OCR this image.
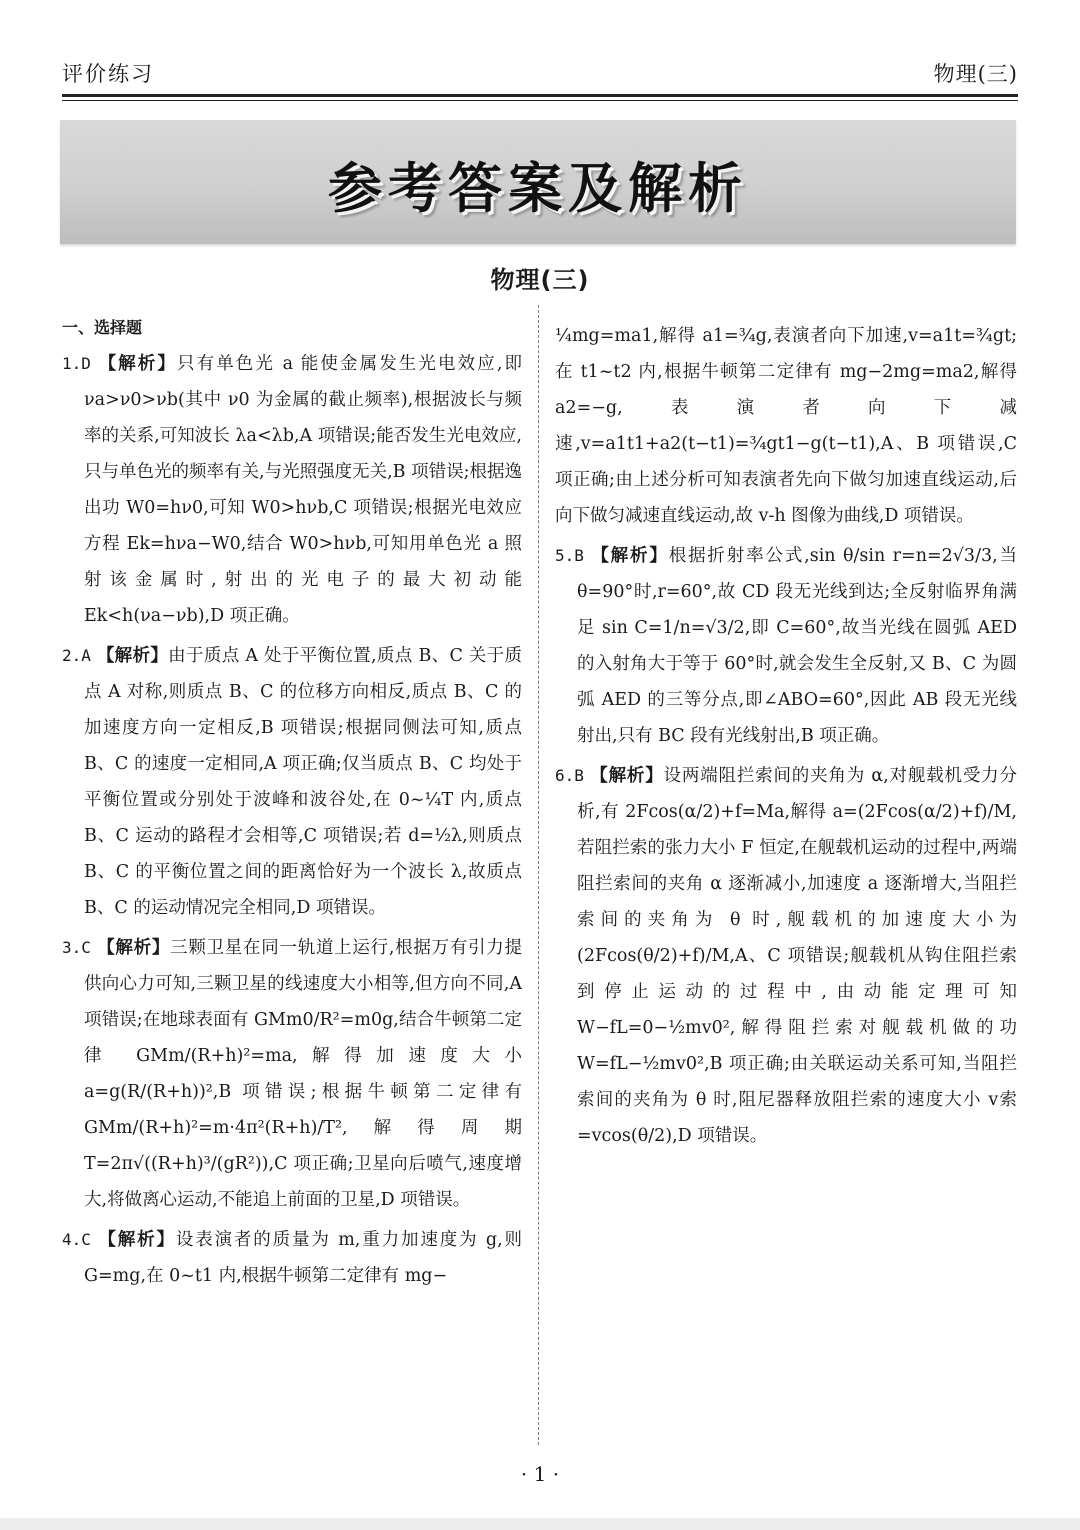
评价练习	物理(三)
参考答案及解析
物理(三)
一、选择题

1.D 【解析】只有单色光 a 能使金属发生光电效应,即 νa>ν0>νb(其中 ν0 为金属的截止频率),根据波长与频率的关系,可知波长 λa<λb,A 项错误;能否发生光电效应,只与单色光的频率有关,与光照强度无关,B 项错误;根据逸出功 W0=hν0,可知 W0>hνb,C 项错误;根据光电效应方程 Ek=hνa−W0,结合 W0>hνb,可知用单色光 a 照射该金属时,射出的光电子的最大初动能 Ek<h(νa−νb),D 项正确。

2.A 【解析】由于质点 A 处于平衡位置,质点 B、C 关于质点 A 对称,则质点 B、C 的位移方向相反,质点 B、C 的加速度方向一定相反,B 项错误;根据同侧法可知,质点 B、C 的速度一定相同,A 项正确;仅当质点 B、C 均处于平衡位置或分别处于波峰和波谷处,在 0~¼T 内,质点 B、C 运动的路程才会相等,C 项错误;若 d=½λ,则质点 B、C 的平衡位置之间的距离恰好为一个波长 λ,故质点 B、C 的运动情况完全相同,D 项错误。

3.C 【解析】三颗卫星在同一轨道上运行,根据万有引力提供向心力可知,三颗卫星的线速度大小相等,但方向不同,A 项错误;在地球表面有 GMm0/R²=m0g,结合牛顿第二定律 GMm/(R+h)²=ma,解得加速度大小 a=g(R/(R+h))²,B 项错误;根据牛顿第二定律有 GMm/(R+h)²=m·4π²(R+h)/T²,解得周期 T=2π√((R+h)³/(gR²)),C 项正确;卫星向后喷气,速度增大,将做离心运动,不能追上前面的卫星,D 项错误。

4.C 【解析】设表演者的质量为 m,重力加速度为 g,则 G=mg,在 0~t1 内,根据牛顿第二定律有 mg−

¼mg=ma1,解得 a1=¾g,表演者向下加速,v=a1t=¾gt;在 t1~t2 内,根据牛顿第二定律有 mg−2mg=ma2,解得 a2=−g,表演者向下减速,v=a1t1+a2(t−t1)=¾gt1−g(t−t1),A、B 项错误,C 项正确;由上述分析可知表演者先向下做匀加速直线运动,后向下做匀减速直线运动,故 v-h 图像为曲线,D 项错误。

5.B 【解析】根据折射率公式,sin θ/sin r=n=2√3/3,当 θ=90°时,r=60°,故 CD 段无光线到达;全反射临界角满足 sin C=1/n=√3/2,即 C=60°,故当光线在圆弧 AED 的入射角大于等于 60°时,就会发生全反射,又 B、C 为圆弧 AED 的三等分点,即∠ABO=60°,因此 AB 段无光线射出,只有 BC 段有光线射出,B 项正确。

6.B 【解析】设两端阻拦索间的夹角为 α,对舰载机受力分析,有 2Fcos(α/2)+f=Ma,解得 a=(2Fcos(α/2)+f)/M,若阻拦索的张力大小 F 恒定,在舰载机运动的过程中,两端阻拦索间的夹角 α 逐渐减小,加速度 a 逐渐增大,当阻拦索间的夹角为 θ 时,舰载机的加速度大小为 (2Fcos(θ/2)+f)/M,A、C 项错误;舰载机从钩住阻拦索到停止运动的过程中,由动能定理可知 W−fL=0−½mv0²,解得阻拦索对舰载机做的功 W=fL−½mv0²,B 项正确;由关联运动关系可知,当阻拦索间的夹角为 θ 时,阻尼器释放阻拦索的速度大小 v索=vcos(θ/2),D 项错误。

· 1 ·
